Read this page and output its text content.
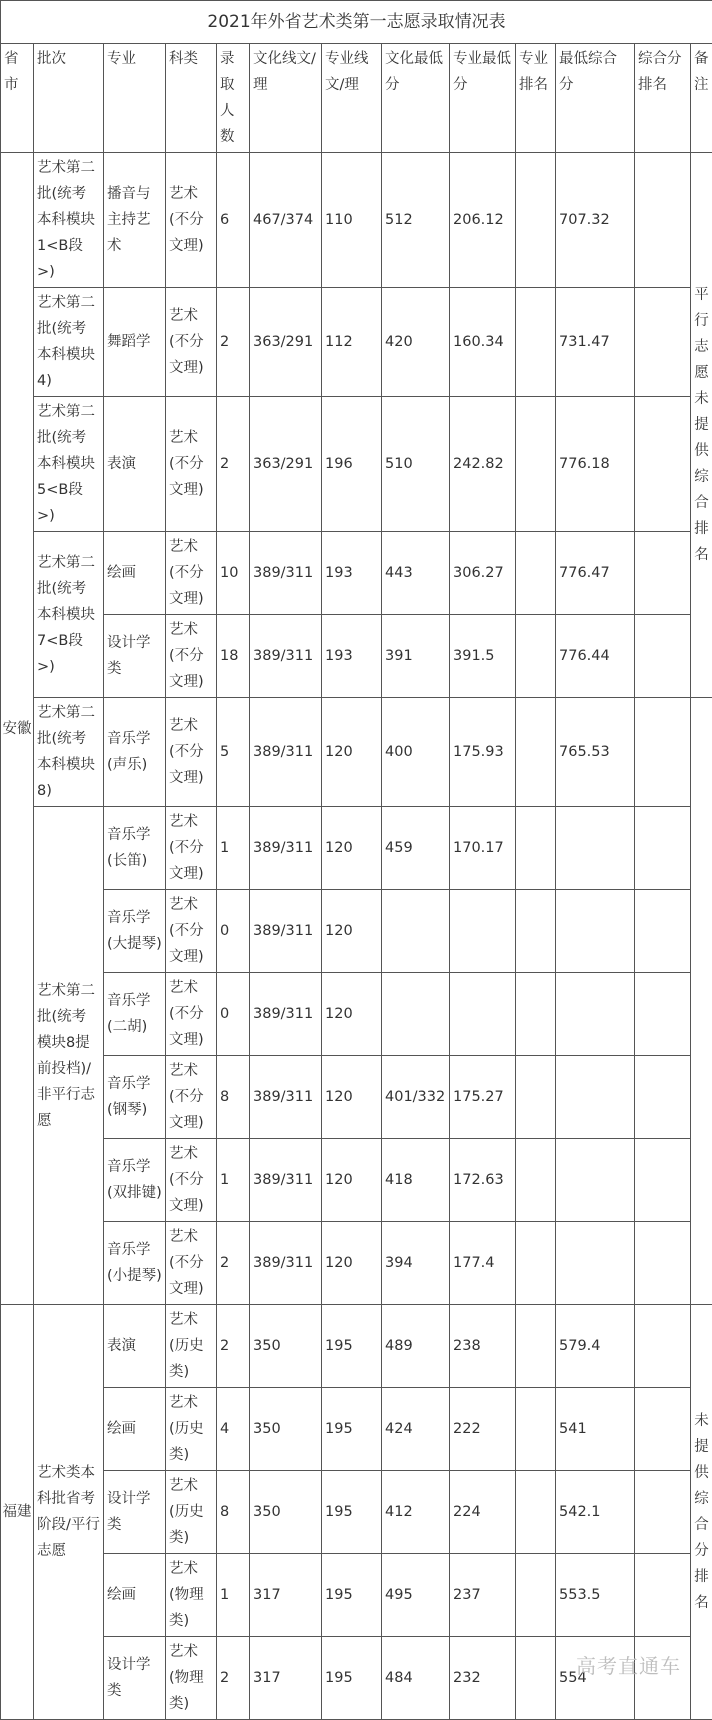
2021年外省艺术类第一志愿录取情况表												
省市	批次	专业	科类	录取人数	文化线文/理	专业线文/理	文化最低分	专业最低分	专业排名	最低综合分	综合分排名	备注
安徽	艺术第二批(统考本科模块1<B段>)	播音与主持艺术	艺术(不分文理)	6	467/374	110	512	206.12		707.32		平行志愿未提供综合排名
	艺术第二批(统考本科模块4)	舞蹈学	艺术(不分文理)	2	363/291	112	420	160.34		731.47		
	艺术第二批(统考本科模块5<B段>)	表演	艺术(不分文理)	2	363/291	196	510	242.82		776.18		
	艺术第二批(统考本科模块7<B段>)	绘画	艺术(不分文理)	10	389/311	193	443	306.27		776.47		
		设计学类	艺术(不分文理)	18	389/311	193	391	391.5		776.44		
	艺术第二批(统考本科模块8)	音乐学(声乐)	艺术(不分文理)	5	389/311	120	400	175.93		765.53		
	艺术第二批(统考模块8提前投档)/非平行志愿	音乐学(长笛)	艺术(不分文理)	1	389/311	120	459	170.17				
		音乐学(大提琴)	艺术(不分文理)	0	389/311	120						
		音乐学(二胡)	艺术(不分文理)	0	389/311	120						
		音乐学(钢琴)	艺术(不分文理)	8	389/311	120	401/332	175.27				
		音乐学(双排键)	艺术(不分文理)	1	389/311	120	418	172.63				
		音乐学(小提琴)	艺术(不分文理)	2	389/311	120	394	177.4				
福建	艺术类本科批省考阶段/平行志愿	表演	艺术(历史类)	2	350	195	489	238		579.4		未提供综合分排名
		绘画	艺术(历史类)	4	350	195	424	222		541		
		设计学类	艺术(历史类)	8	350	195	412	224		542.1		
		绘画	艺术(物理类)	1	317	195	495	237		553.5		
		设计学类	艺术(物理类)	2	317	195	484	232		554		
高考直通车
